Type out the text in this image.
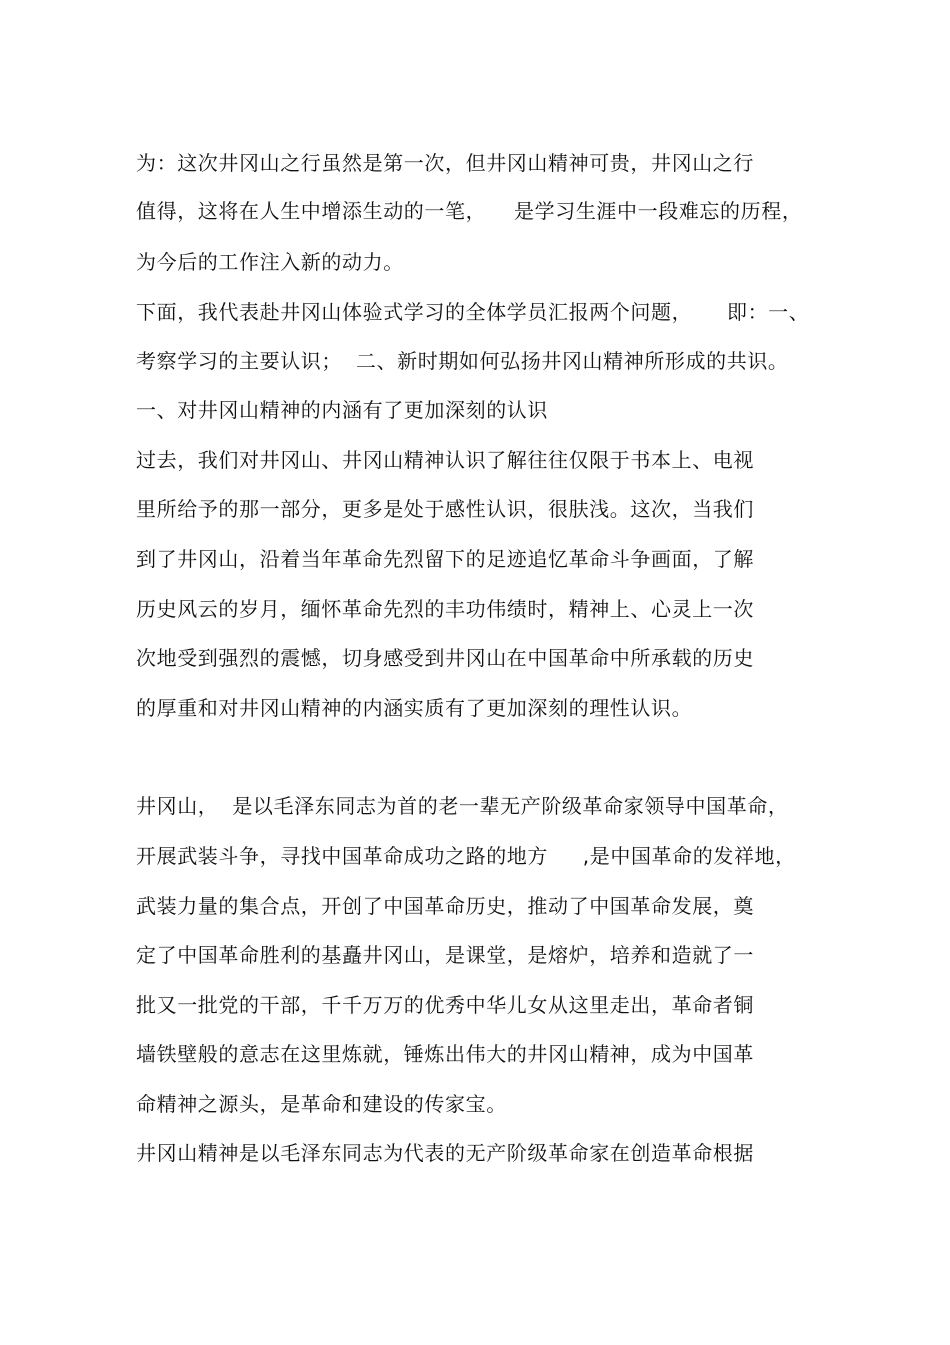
为：这次井冈山之行虽然是第一次，但井冈山精神可贵，井冈山之行
值得，这将在人生中增添生动的一笔，    是学习生涯中一段难忘的历程，
为今后的工作注入新的动力。
下面，我代表赴井冈山体验式学习的全体学员汇报两个问题，     即：一、
考察学习的主要认识；  二、新时期如何弘扬井冈山精神所形成的共识。
一、对井冈山精神的内涵有了更加深刻的认识
过去，我们对井冈山、井冈山精神认识了解往往仅限于书本上、电视
里所给予的那一部分，更多是处于感性认识，很肤浅。这次，当我们
到了井冈山，沿着当年革命先烈留下的足迹追忆革命斗争画面，了解
历史风云的岁月，缅怀革命先烈的丰功伟绩时，精神上、心灵上一次
次地受到强烈的震憾，切身感受到井冈山在中国革命中所承载的历史
的厚重和对井冈山精神的内涵实质有了更加深刻的理性认识。
井冈山，  是以毛泽东同志为首的老一辈无产阶级革命家领导中国革命，
开展武装斗争，寻找中国革命成功之路的地方     ,是中国革命的发祥地，
武装力量的集合点，开创了中国革命历史，推动了中国革命发展，奠
定了中国革命胜利的基矗井冈山，是课堂，是熔炉，培养和造就了一
批又一批党的干部，千千万万的优秀中华儿女从这里走出，革命者铜
墙铁壁般的意志在这里炼就，锤炼出伟大的井冈山精神，成为中国革
命精神之源头，是革命和建设的传家宝。
井冈山精神是以毛泽东同志为代表的无产阶级革命家在创造革命根据
